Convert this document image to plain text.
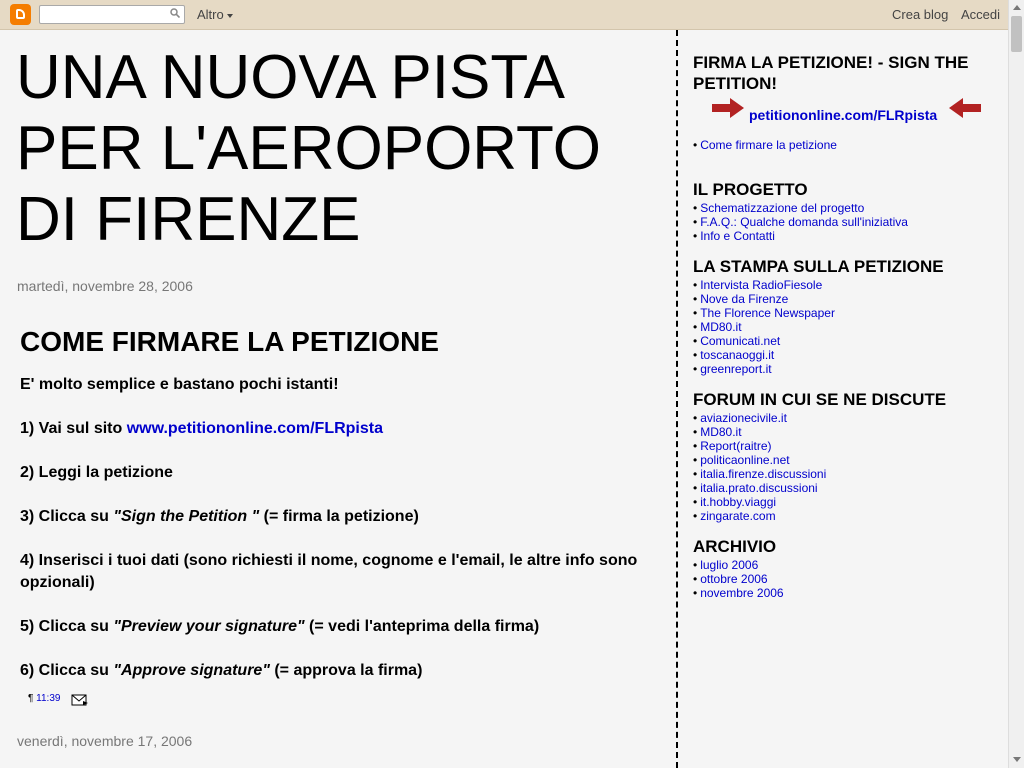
Altro	Crea blog Accedi
UNA NUOVA PISTA PER L'AEROPORTO DI FIRENZE
martedì, novembre 28, 2006
COME FIRMARE LA PETIZIONE

E' molto semplice e bastano pochi istanti!

1) Vai sul sito www.petitiononline.com/FLRpista

2) Leggi la petizione

3) Clicca su "Sign the Petition " (= firma la petizione)

4) Inserisci i tuoi dati (sono richiesti il nome, cognome e l'email, le altre info sono opzionali)

5) Clicca su "Preview your signature" (= vedi l'anteprima della firma)

6) Clicca su "Approve signature" (= approva la firma)

¶ 11:39
venerdì, novembre 17, 2006
FIRMA LA PETIZIONE! - SIGN THE PETITION!
petitiononline.com/FLRpista
• Come firmare la petizione
IL PROGETTO
• Schematizzazione del progetto
• F.A.Q.: Qualche domanda sull'iniziativa
• Info e Contatti
LA STAMPA SULLA PETIZIONE
• Intervista RadioFiesole
• Nove da Firenze
• The Florence Newspaper
• MD80.it
• Comunicati.net
• toscanaoggi.it
• greenreport.it
FORUM IN CUI SE NE DISCUTE
• aviazionecivile.it
• MD80.it
• Report(raitre)
• politicaonline.net
• italia.firenze.discussioni
• italia.prato.discussioni
• it.hobby.viaggi
• zingarate.com
ARCHIVIO
• luglio 2006
• ottobre 2006
• novembre 2006
